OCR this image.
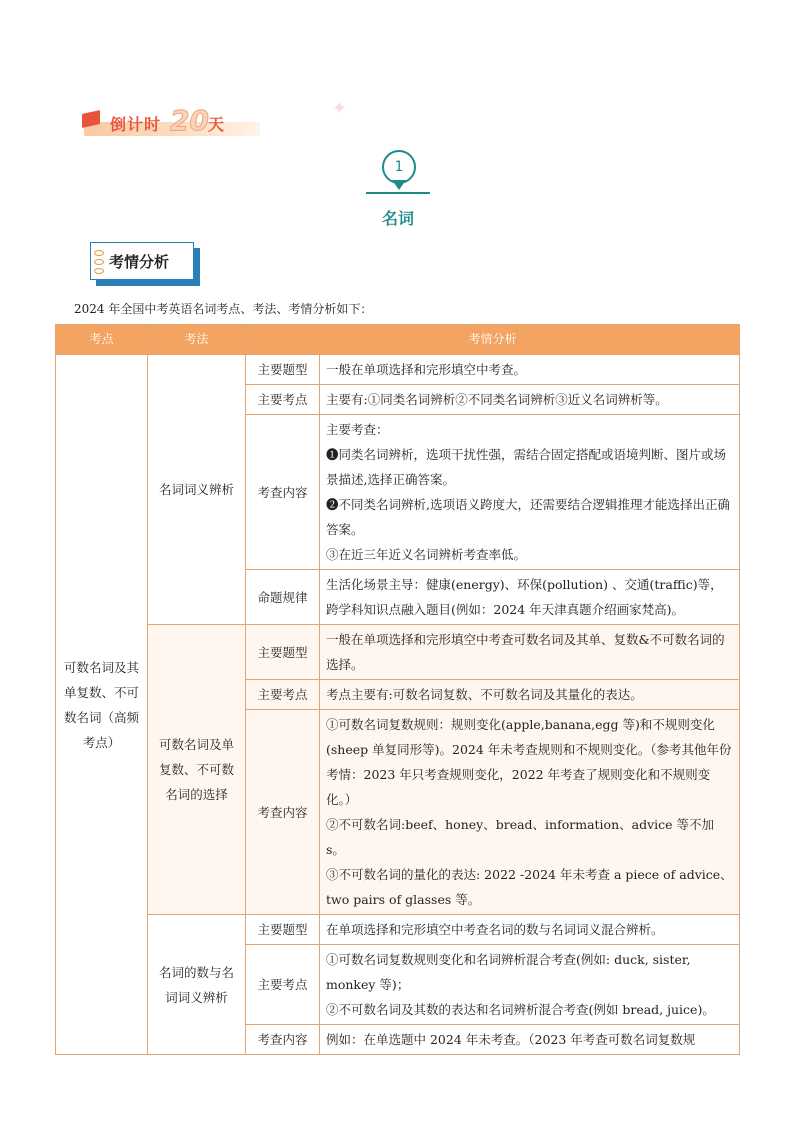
倒计时 20 天
✦
1
名词
考情分析
2024 年全国中考英语名词考点、考法、考情分析如下：
考点	考法	考情分析	
可数名词及其单复数、不可数名词（高频考点）	名词词义辨析	主要题型	一般在单项选择和完形填空中考查。

		主要考点	主要有:①同类名词辨析②不同类名词辨析③近义名词辨析等。

		考查内容	主要考查：
❶同类名词辨析，选项干扰性强，需结合固定搭配或语境判断、图片或场景描述,选择正确答案。
❷不同类名词辨析,选项语义跨度大，还需要结合逻辑推理才能选择出正确答案。
③在近三年近义名词辨析考查率低。

		命题规律	生活化场景主导：健康(energy)、环保(pollution) 、交通(traffic)等，跨学科知识点融入题目(例如：2024 年天津真题介绍画家梵高)。

	可数名词及单复数、不可数名词的选择	主要题型	一般在单项选择和完形填空中考查可数名词及其单、复数&不可数名词的选择。

		主要考点	考点主要有:可数名词复数、不可数名词及其量化的表达。

		考查内容	①可数名词复数规则：规则变化(apple,banana,egg 等)和不规则变化(sheep 单复同形等)。2024 年未考查规则和不规则变化。（参考其他年份考情：2023 年只考查规则变化，2022 年考查了规则变化和不规则变化。）
②不可数名词:beef、honey、bread、information、advice 等不加 s。
③不可数名词的量化的表达: 2022 -2024 年未考查 a piece of advice、two pairs of glasses 等。

	名词的数与名词词义辨析	主要题型	在单项选择和完形填空中考查名词的数与名词词义混合辨析。

		主要考点	①可数名词复数规则变化和名词辨析混合考查(例如: duck, sister, monkey 等)；
②不可数名词及其数的表达和名词辨析混合考查(例如 bread, juice)。

		考查内容	例如：在单选题中 2024 年未考查。（2023 年考查可数名词复数规
